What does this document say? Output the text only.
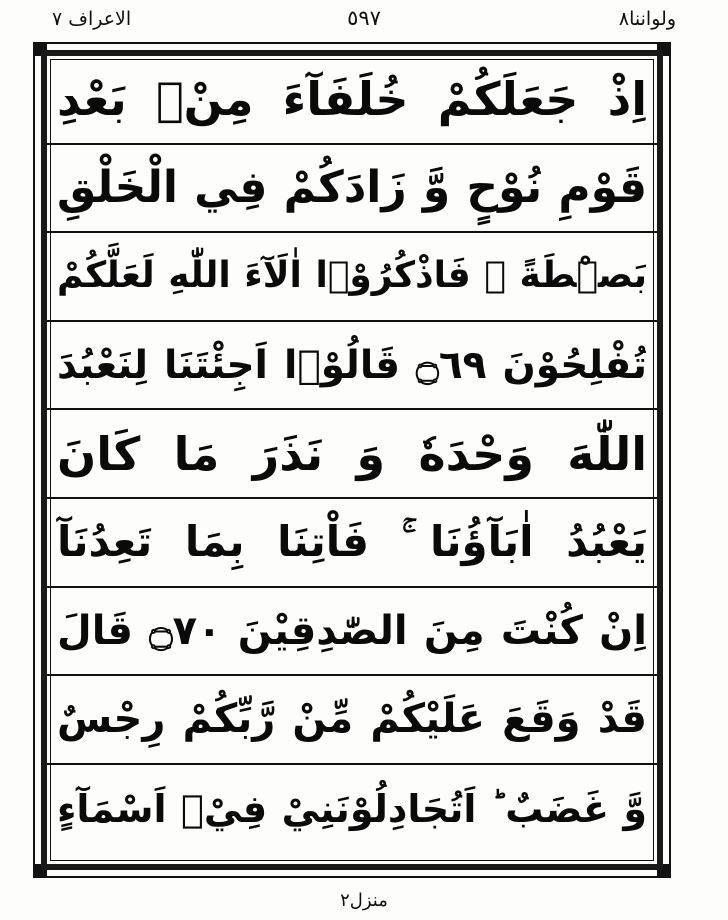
الاعراف ٧	٥٩٧	ولواننا٨
اِذْ جَعَلَكُمْ خُلَفَآءَ مِنْۢ بَعْدِ
قَوْمِ نُوْحٍ وَّ زَادَكُمْ فِي الْخَلْقِ
بَصْۜطَةً ۚ فَاذْكُرُوْۤا اٰلَآءَ اللّٰهِ لَعَلَّكُمْ
تُفْلِحُوْنَ ۝٦٩ قَالُوْۤا اَجِئْتَنَا لِنَعْبُدَ
اللّٰهَ وَحْدَهٗ وَ نَذَرَ مَا كَانَ
يَعْبُدُ اٰبَآؤُنَا ۚ فَاْتِنَا بِمَا تَعِدُنَآ
اِنْ كُنْتَ مِنَ الصّٰدِقِيْنَ ۝٧٠ قَالَ
قَدْ وَقَعَ عَلَيْكُمْ مِّنْ رَّبِّكُمْ رِجْسٌ
وَّ غَضَبٌ ؕ اَتُجَادِلُوْنَنِيْ فِيْۤ اَسْمَآءٍ
منزل٢
